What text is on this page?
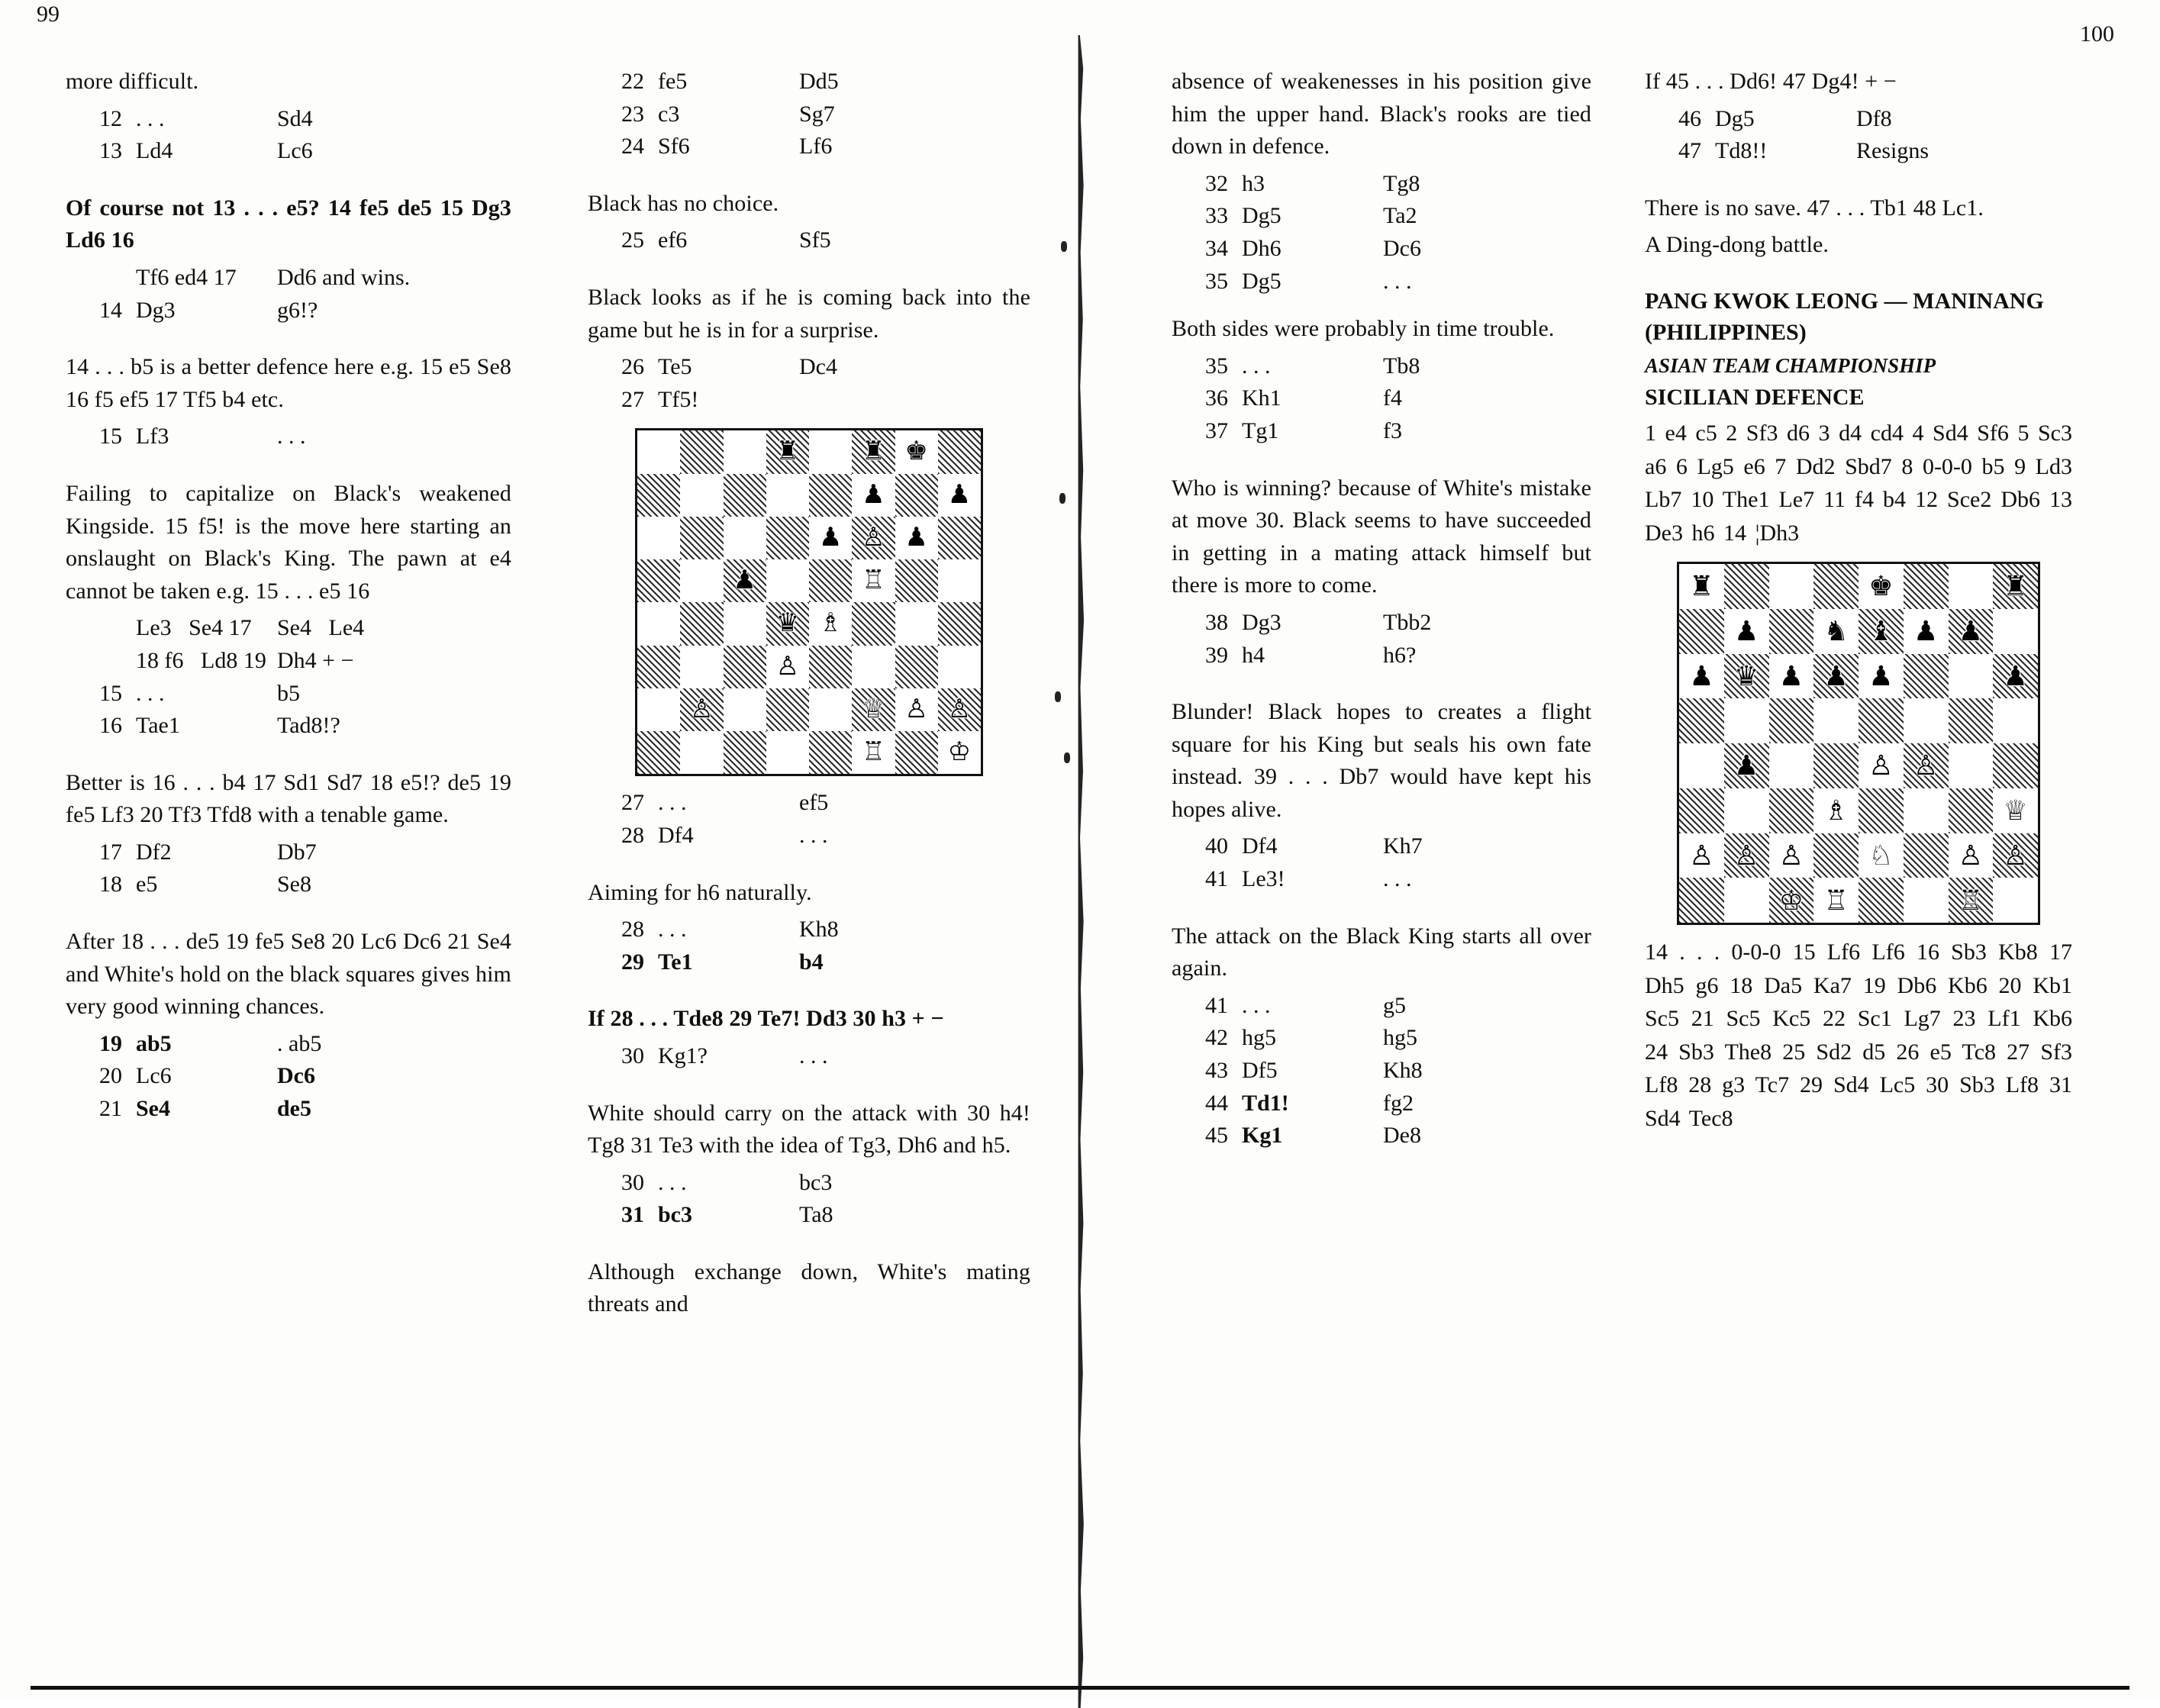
99
100

more difficult.

12 . . .	Sd4
13 Ld4	Lc6

Of course not 13 . . . e5? 14 fe5 de5 15 Dg3 Ld6 16

Tf6 ed4 17	Dd6 and wins.
14 Dg3	g6!?

14 . . . b5 is a better defence here e.g. 15 e5 Se8 16 f5 ef5 17 Tf5 b4 etc.

15 Lf3	. . .

Failing to capitalize on Black's weakened Kingside. 15 f5! is the move here starting an onslaught on Black's King. The pawn at e4 cannot be taken e.g. 15 . . . e5 16

Le3   Se4 17	Se4   Le4
18 f6   Ld8 19 Dh4 + −
15 . . .	b5
16 Tae1	Tad8!?

Better is 16 . . . b4 17 Sd1 Sd7 18 e5!? de5 19 fe5 Lf3 20 Tf3 Tfd8 with a tenable game.

17 Df2	Db7
18 e5	Se8

After 18 . . . de5 19 fe5 Se8 20 Lc6 Dc6 21 Se4 and White's hold on the black squares gives him very good winning chances.

19 ab5	. ab5
20 Lc6	Dc6
21 Se4	de5
22 fe5	Dd5
23 c3	Sg7
24 Sf6	Lf6

Black has no choice.

25 ef6	Sf5

Black looks as if he is coming back into the game but he is in for a surprise.

26 Te5	Dc4
27 Tf5!
♜ ♜ ♚
♟ ♟
♟ ♙ ♟
♟	♖
♛ ♗
♙
♙	♕ ♙ ♙
♖ ♔
27 . . .	ef5
28 Df4	. . .

Aiming for h6 naturally.

28 . . .	Kh8
29 Te1	b4

If 28 . . . Tde8 29 Te7! Dd3 30 h3 + −

30 Kg1?	. . .

White should carry on the attack with 30 h4! Tg8 31 Te3 with the idea of Tg3, Dh6 and h5.

30 . . .	bc3
31 bc3	Ta8

Although exchange down, White's mating threats and

absence of weakenesses in his position give him the upper hand. Black's rooks are tied down in defence.

32 h3	Tg8
33 Dg5	Ta2
34 Dh6	Dc6
35 Dg5	. . .

Both sides were probably in time trouble.

35 . . .	Tb8
36 Kh1	f4
37 Tg1	f3

Who is winning? because of White's mistake at move 30. Black seems to have succeeded in getting in a mating attack himself but there is more to come.

38 Dg3	Tbb2
39 h4	h6?

Blunder! Black hopes to creates a flight square for his King but seals his own fate instead. 39 . . . Db7 would have kept his hopes alive.

40 Df4	Kh7
41 Le3!	. . .

The attack on the Black King starts all over again.

41 . . .	g5
42 hg5	hg5
43 Df5	Kh8
44 Td1!	fg2
45 Kg1	De8

If 45 . . . Dd6! 47 Dg4! + −

46 Dg5	Df8
47 Td8!!	Resigns

There is no save. 47 . . . Tb1 48 Lc1.

A Ding-dong battle.

PANG KWOK LEONG — MANINANG (PHILIPPINES)
ASIAN TEAM CHAMPIONSHIP
SICILIAN DEFENCE

1 e4 c5 2 Sf3 d6 3 d4 cd4 4 Sd4 Sf6 5 Sc3 a6 6 Lg5 e6 7 Dd2 Sbd7 8 0-0-0 b5 9 Ld3 Lb7 10 The1 Le7 11 f4 b4 12 Sce2 Db6 13 De3 h6 14 ¦Dh3

♜	♚	♜
♟ ♞ ♝ ♟ ♟
♟ ♛ ♟ ♟ ♟	♟
♟	♙ ♙
♗	♕
♙ ♙ ♙ ♘ ♙ ♙
♔ ♖	♖

14 . . . 0-0-0 15 Lf6 Lf6 16 Sb3 Kb8 17 Dh5 g6 18 Da5 Ka7 19 Db6 Kb6 20 Kb1 Sc5 21 Sc5 Kc5 22 Sc1 Lg7 23 Lf1 Kb6 24 Sb3 The8 25 Sd2 d5 26 e5 Tc8 27 Sf3 Lf8 28 g3 Tc7 29 Sd4 Lc5 30 Sb3 Lf8 31 Sd4 Tec8
